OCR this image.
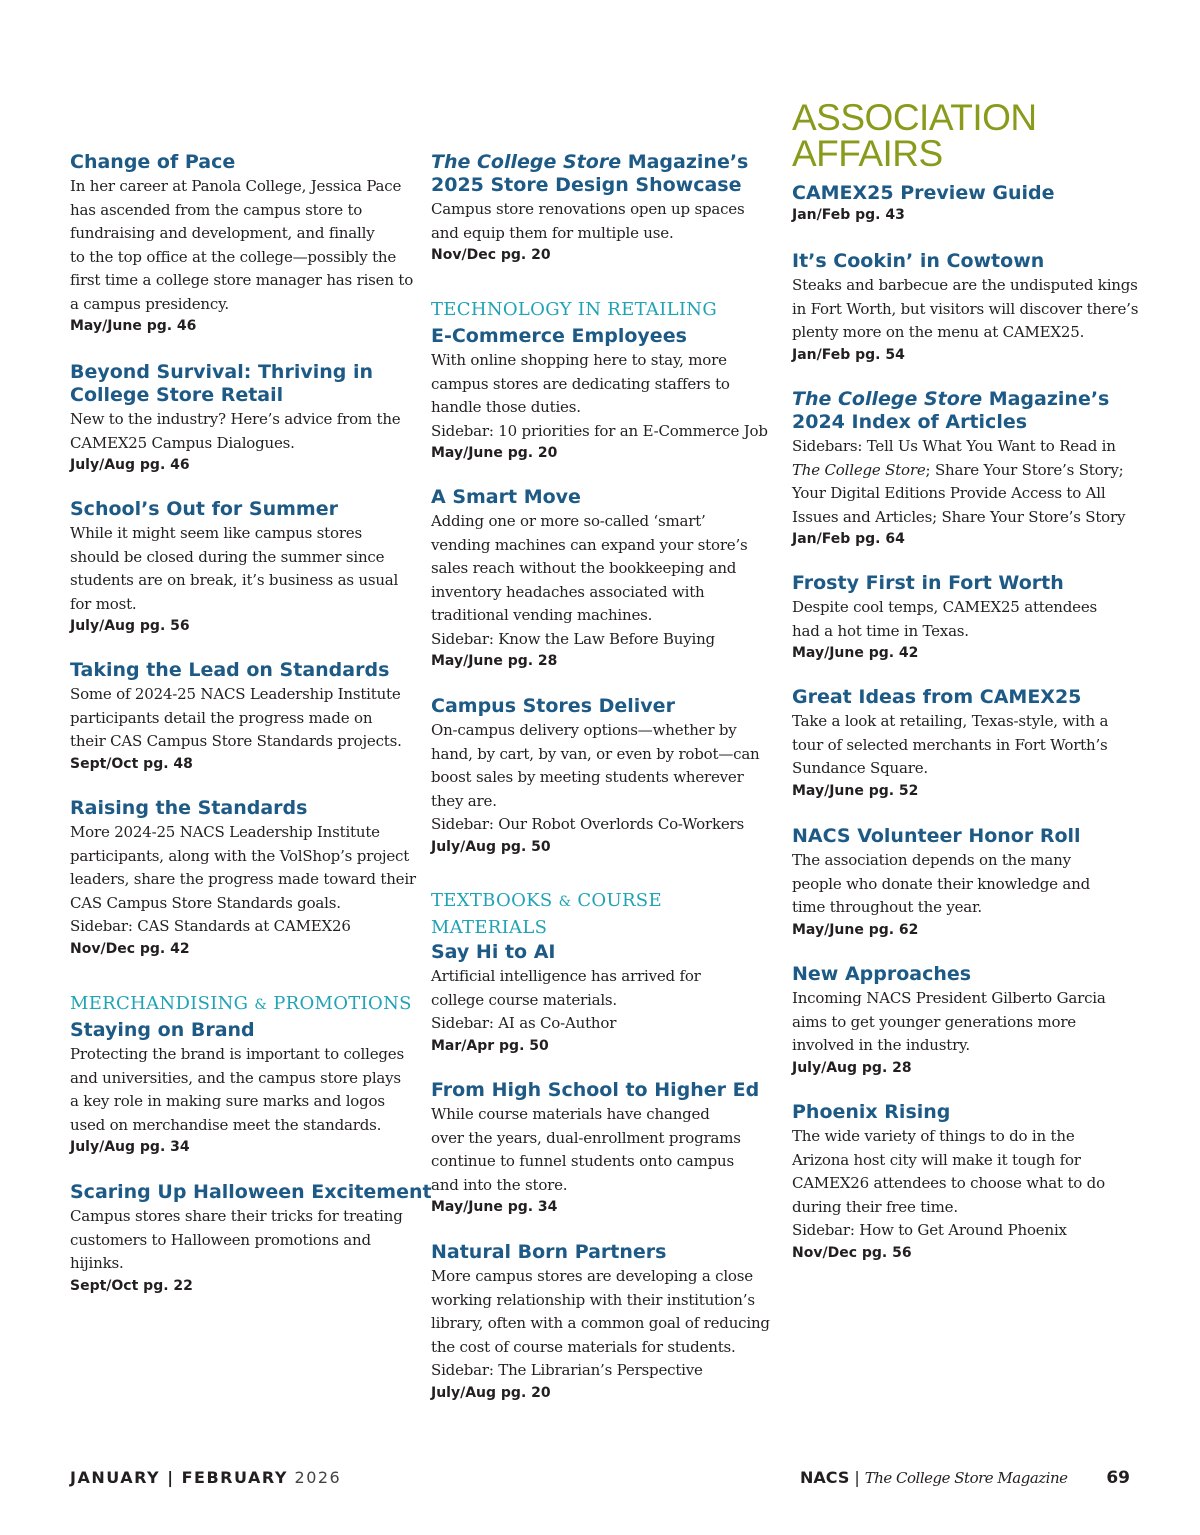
Change of Pace
In her career at Panola College, Jessica Pace
has ascended from the campus store to
fundraising and development, and finally
to the top office at the college—possibly the
first time a college store manager has risen to
a campus presidency.
May/June pg. 46
Beyond Survival: Thriving in
College Store Retail
New to the industry? Here’s advice from the
CAMEX25 Campus Dialogues.
July/Aug pg. 46
School’s Out for Summer
While it might seem like campus stores
should be closed during the summer since
students are on break, it’s business as usual
for most.
July/Aug pg. 56
Taking the Lead on Standards
Some of 2024-25 NACS Leadership Institute
participants detail the progress made on
their CAS Campus Store Standards projects.
Sept/Oct pg. 48
Raising the Standards
More 2024-25 NACS Leadership Institute
participants, along with the VolShop’s project
leaders, share the progress made toward their
CAS Campus Store Standards goals.
Sidebar: CAS Standards at CAMEX26
Nov/Dec pg. 42
MERCHANDISING & PROMOTIONS
Staying on Brand
Protecting the brand is important to colleges
and universities, and the campus store plays
a key role in making sure marks and logos
used on merchandise meet the standards.
July/Aug pg. 34
Scaring Up Halloween Excitement
Campus stores share their tricks for treating
customers to Halloween promotions and
hijinks.
Sept/Oct pg. 22
The College Store Magazine’s
2025 Store Design Showcase
Campus store renovations open up spaces
and equip them for multiple use.
Nov/Dec pg. 20
TECHNOLOGY IN RETAILING
E-Commerce Employees
With online shopping here to stay, more
campus stores are dedicating staffers to
handle those duties.
Sidebar: 10 priorities for an E-Commerce Job
May/June pg. 20
A Smart Move
Adding one or more so-called ‘smart’
vending machines can expand your store’s
sales reach without the bookkeeping and
inventory headaches associated with
traditional vending machines.
Sidebar: Know the Law Before Buying
May/June pg. 28
Campus Stores Deliver
On-campus delivery options—whether by
hand, by cart, by van, or even by robot—can
boost sales by meeting students wherever
they are.
Sidebar: Our Robot Overlords Co-Workers
July/Aug pg. 50
TEXTBOOKS & COURSE
MATERIALS
Say Hi to AI
Artificial intelligence has arrived for
college course materials.
Sidebar: AI as Co-Author
Mar/Apr pg. 50
From High School to Higher Ed
While course materials have changed
over the years, dual-enrollment programs
continue to funnel students onto campus
and into the store.
May/June pg. 34
Natural Born Partners
More campus stores are developing a close
working relationship with their institution’s
library, often with a common goal of reducing
the cost of course materials for students.
Sidebar: The Librarian’s Perspective
July/Aug pg. 20
ASSOCIATION
AFFAIRS
CAMEX25 Preview Guide
Jan/Feb pg. 43
It’s Cookin’ in Cowtown
Steaks and barbecue are the undisputed kings
in Fort Worth, but visitors will discover there’s
plenty more on the menu at CAMEX25.
Jan/Feb pg. 54
The College Store Magazine’s
2024 Index of Articles
Sidebars: Tell Us What You Want to Read in
The College Store; Share Your Store’s Story;
Your Digital Editions Provide Access to All
Issues and Articles; Share Your Store’s Story
Jan/Feb pg. 64
Frosty First in Fort Worth
Despite cool temps, CAMEX25 attendees
had a hot time in Texas.
May/June pg. 42
Great Ideas from CAMEX25
Take a look at retailing, Texas-style, with a
tour of selected merchants in Fort Worth’s
Sundance Square.
May/June pg. 52
NACS Volunteer Honor Roll
The association depends on the many
people who donate their knowledge and
time throughout the year.
May/June pg. 62
New Approaches
Incoming NACS President Gilberto Garcia
aims to get younger generations more
involved in the industry.
July/Aug pg. 28
Phoenix Rising
The wide variety of things to do in the
Arizona host city will make it tough for
CAMEX26 attendees to choose what to do
during their free time.
Sidebar: How to Get Around Phoenix
Nov/Dec pg. 56
JANUARY | FEBRUARY 2026	NACS | The College Store Magazine 69
